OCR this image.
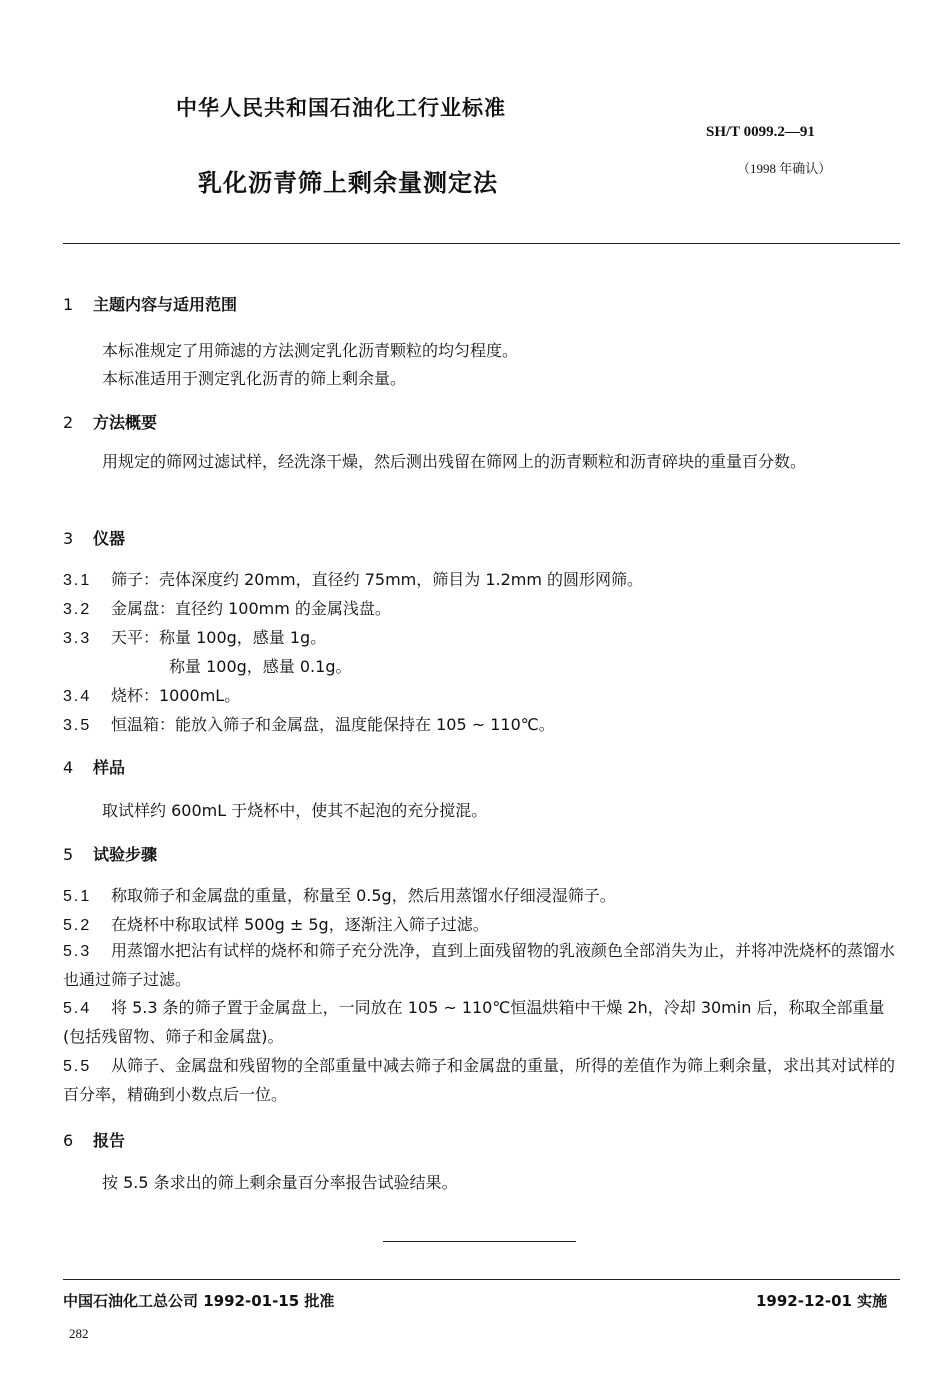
中华人民共和国石油化工行业标准
SH/T 0099.2—91
乳化沥青筛上剩余量测定法
（1998 年确认）
1 主题内容与适用范围
本标准规定了用筛滤的方法测定乳化沥青颗粒的均匀程度。
本标准适用于测定乳化沥青的筛上剩余量。
2 方法概要
用规定的筛网过滤试样，经洗涤干燥，然后测出残留在筛网上的沥青颗粒和沥青碎块的重量百分数。
3 仪器
3.1 筛子：壳体深度约 20mm，直径约 75mm，筛目为 1.2mm 的圆形网筛。
3.2 金属盘：直径约 100mm 的金属浅盘。
3.3 天平：称量 100g，感量 1g。
称量 100g，感量 0.1g。
3.4 烧杯：1000mL。
3.5 恒温箱：能放入筛子和金属盘，温度能保持在 105 ~ 110℃。
4 样品
取试样约 600mL 于烧杯中，使其不起泡的充分搅混。
5 试验步骤
5.1 称取筛子和金属盘的重量，称量至 0.5g，然后用蒸馏水仔细浸湿筛子。
5.2 在烧杯中称取试样 500g ± 5g，逐渐注入筛子过滤。
5.3 用蒸馏水把沾有试样的烧杯和筛子充分洗净，直到上面残留物的乳液颜色全部消失为止，并将冲洗烧杯的蒸馏水也通过筛子过滤。
5.4 将 5.3 条的筛子置于金属盘上，一同放在 105 ~ 110℃恒温烘箱中干燥 2h，冷却 30min 后，称取全部重量(包括残留物、筛子和金属盘)。
5.5 从筛子、金属盘和残留物的全部重量中减去筛子和金属盘的重量，所得的差值作为筛上剩余量，求出其对试样的百分率，精确到小数点后一位。
6 报告
按 5.5 条求出的筛上剩余量百分率报告试验结果。
中国石油化工总公司 1992-01-15 批准	1992-12-01 实施
282
